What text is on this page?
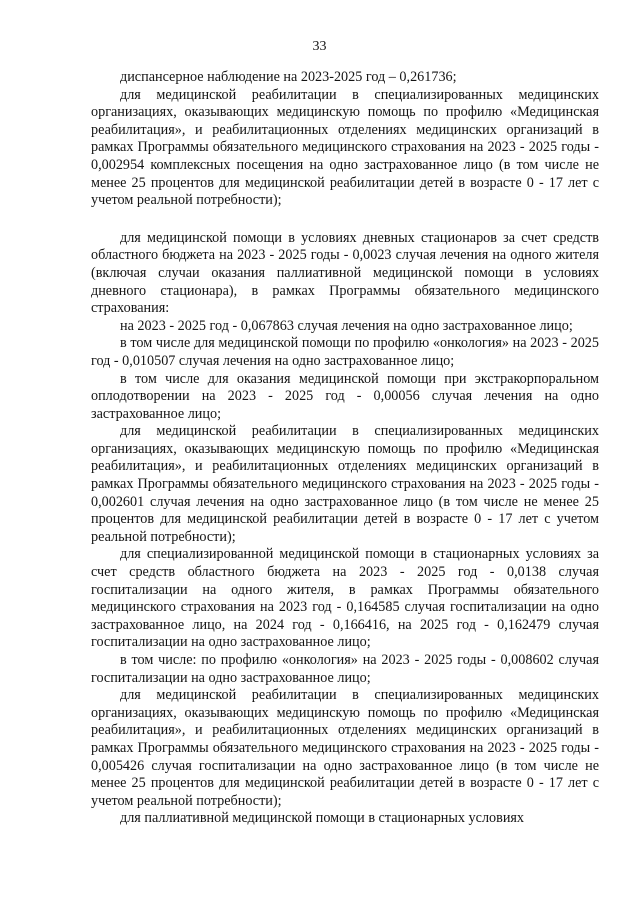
33

диспансерное наблюдение на 2023-2025 год – 0,261736;

для медицинской реабилитации в специализированных медицинских организациях, оказывающих медицинскую помощь по профилю «Медицинская реабилитация», и реабилитационных отделениях медицинских организаций в рамках Программы обязательного медицинского страхования на 2023 - 2025 годы - 0,002954 комплексных посещения на одно застрахованное лицо (в том числе не менее 25 процентов для медицинской реабилитации детей в возрасте 0 - 17 лет с учетом реальной потребности);

для медицинской помощи в условиях дневных стационаров за счет средств областного бюджета на 2023 - 2025 годы - 0,0023 случая лечения на одного жителя (включая случаи оказания паллиативной медицинской помощи в условиях дневного стационара), в рамках Программы обязательного медицинского страхования:

на 2023 - 2025 год - 0,067863 случая лечения на одно застрахованное лицо;

в том числе для медицинской помощи по профилю «онкология» на 2023 - 2025 год - 0,010507 случая лечения на одно застрахованное лицо;

в том числе для оказания медицинской помощи при экстракорпоральном оплодотворении на 2023 - 2025 год - 0,00056 случая лечения на одно застрахованное лицо;

для медицинской реабилитации в специализированных медицинских организациях, оказывающих медицинскую помощь по профилю «Медицинская реабилитация», и реабилитационных отделениях медицинских организаций в рамках Программы обязательного медицинского страхования на 2023 - 2025 годы - 0,002601 случая лечения на одно застрахованное лицо (в том числе не менее 25 процентов для медицинской реабилитации детей в возрасте 0 - 17 лет с учетом реальной потребности);

для специализированной медицинской помощи в стационарных условиях за счет средств областного бюджета на 2023 - 2025 год - 0,0138 случая госпитализации на одного жителя, в рамках Программы обязательного медицинского страхования на 2023 год - 0,164585 случая госпитализации на одно застрахованное лицо, на 2024 год - 0,166416, на 2025 год - 0,162479 случая госпитализации на одно застрахованное лицо;

в том числе: по профилю «онкология» на 2023 - 2025 годы - 0,008602 случая госпитализации на одно застрахованное лицо;

для медицинской реабилитации в специализированных медицинских организациях, оказывающих медицинскую помощь по профилю «Медицинская реабилитация», и реабилитационных отделениях медицинских организаций в рамках Программы обязательного медицинского страхования на 2023 - 2025 годы - 0,005426 случая госпитализации на одно застрахованное лицо (в том числе не менее 25 процентов для медицинской реабилитации детей в возрасте 0 - 17 лет с учетом реальной потребности);

для паллиативной медицинской помощи в стационарных условиях
